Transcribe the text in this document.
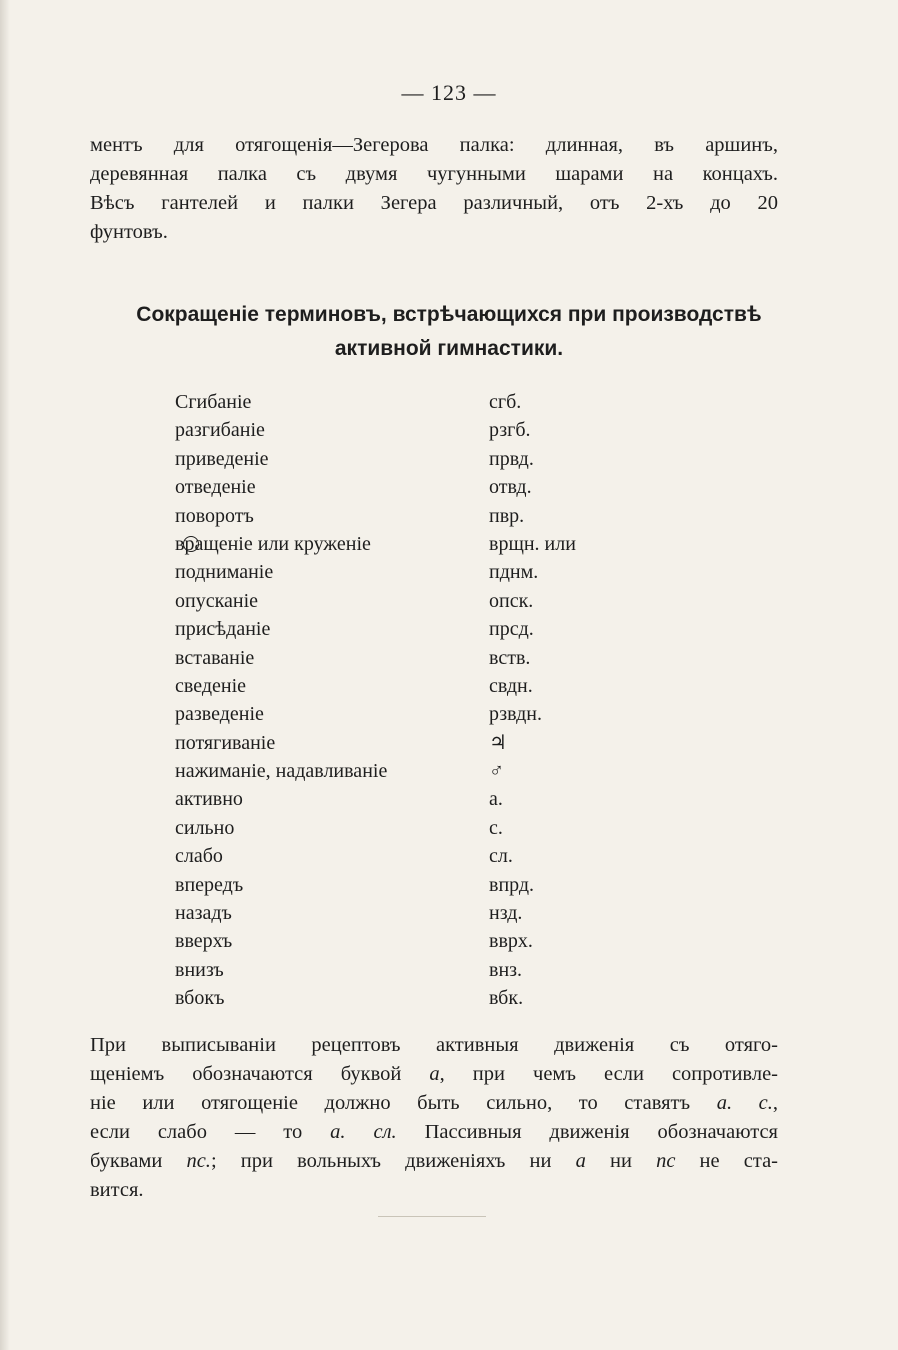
— 123 —
ментъ для отягощенія—Зегерова палка: длинная, въ аршинъ,
деревянная палка съ двумя чугунными шарами на концахъ.
Вѣсъ гантелей и палки Зегера различный, отъ 2-хъ до 20
фунтовъ.
Сокращеніе терминовъ, встрѣчающихся при производствѣ
активной гимнастики.
Сгибаніе	сгб.
разгибаніе	рзгб.
приведеніе	првд.
отведеніе	отвд.
поворотъ	пвр.
вращеніе или круженіе	врщн. или
подниманіе	пднм.
опусканіе	опск.
присѣданіе	прсд.
вставаніе	вств.
сведеніе	свдн.
разведеніе	рзвдн.
потягиваніе	♃
нажиманіе, надавливаніе	♂
активно	а.
сильно	с.
слабо	сл.
впередъ	впрд.
назадъ	нзд.
вверхъ	ввpх.
внизъ	внз.
вбокъ	вбк.
При выписываніи рецептовъ активныя движенія съ отяго-
щеніемъ обозначаются буквой а, при чемъ если сопротивле-
ніе или отягощеніе должно быть сильно, то ставятъ а. с.,
если слабо — то а. сл. Пассивныя движенія обозначаются
буквами пс.; при вольныхъ движеніяхъ ни а ни пс не ста-
вится.
